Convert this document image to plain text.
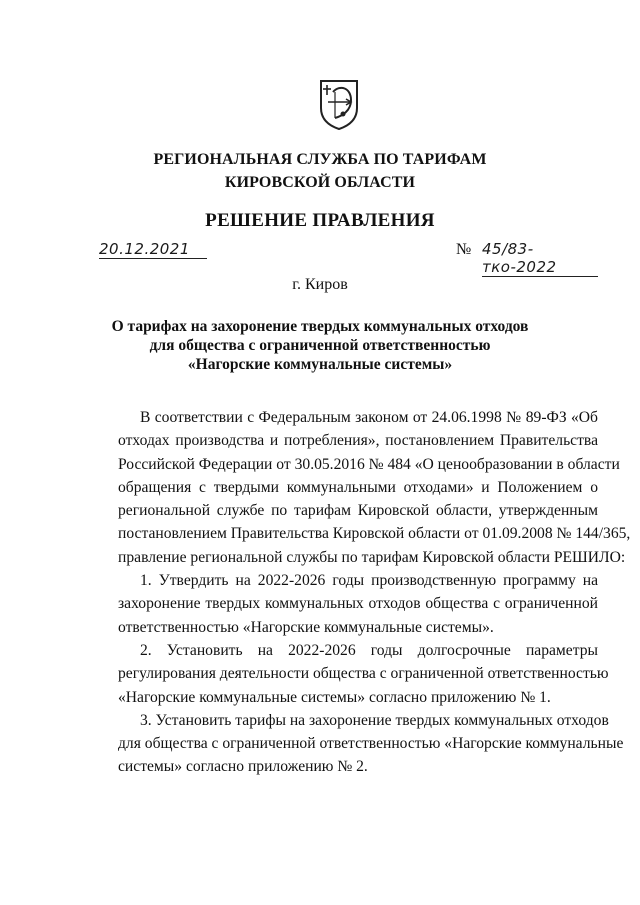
РЕГИОНАЛЬНАЯ СЛУЖБА ПО ТАРИФАМ
КИРОВСКОЙ ОБЛАСТИ
РЕШЕНИЕ ПРАВЛЕНИЯ
20.12.2021	№ 45/83-тко-2022
г. Киров
О тарифах на захоронение твердых коммунальных отходов
для общества с ограниченной ответственностью
«Нагорские коммунальные системы»
В соответствии с Федеральным законом от 24.06.1998 № 89-ФЗ «Об
отходах производства и потребления», постановлением Правительства
Российской Федерации от 30.05.2016 № 484 «О ценообразовании в области
обращения с твердыми коммунальными отходами» и Положением о
региональной службе по тарифам Кировской области, утвержденным
постановлением Правительства Кировской области от 01.09.2008 № 144/365,
правление региональной службы по тарифам Кировской области РЕШИЛО:
1. Утвердить на 2022-2026 годы производственную программу на
захоронение твердых коммунальных отходов общества с ограниченной
ответственностью «Нагорские коммунальные системы».
2. Установить на 2022-2026 годы долгосрочные параметры
регулирования деятельности общества с ограниченной ответственностью
«Нагорские коммунальные системы» согласно приложению № 1.
3. Установить тарифы на захоронение твердых коммунальных отходов
для общества с ограниченной ответственностью «Нагорские коммунальные
системы» согласно приложению № 2.
